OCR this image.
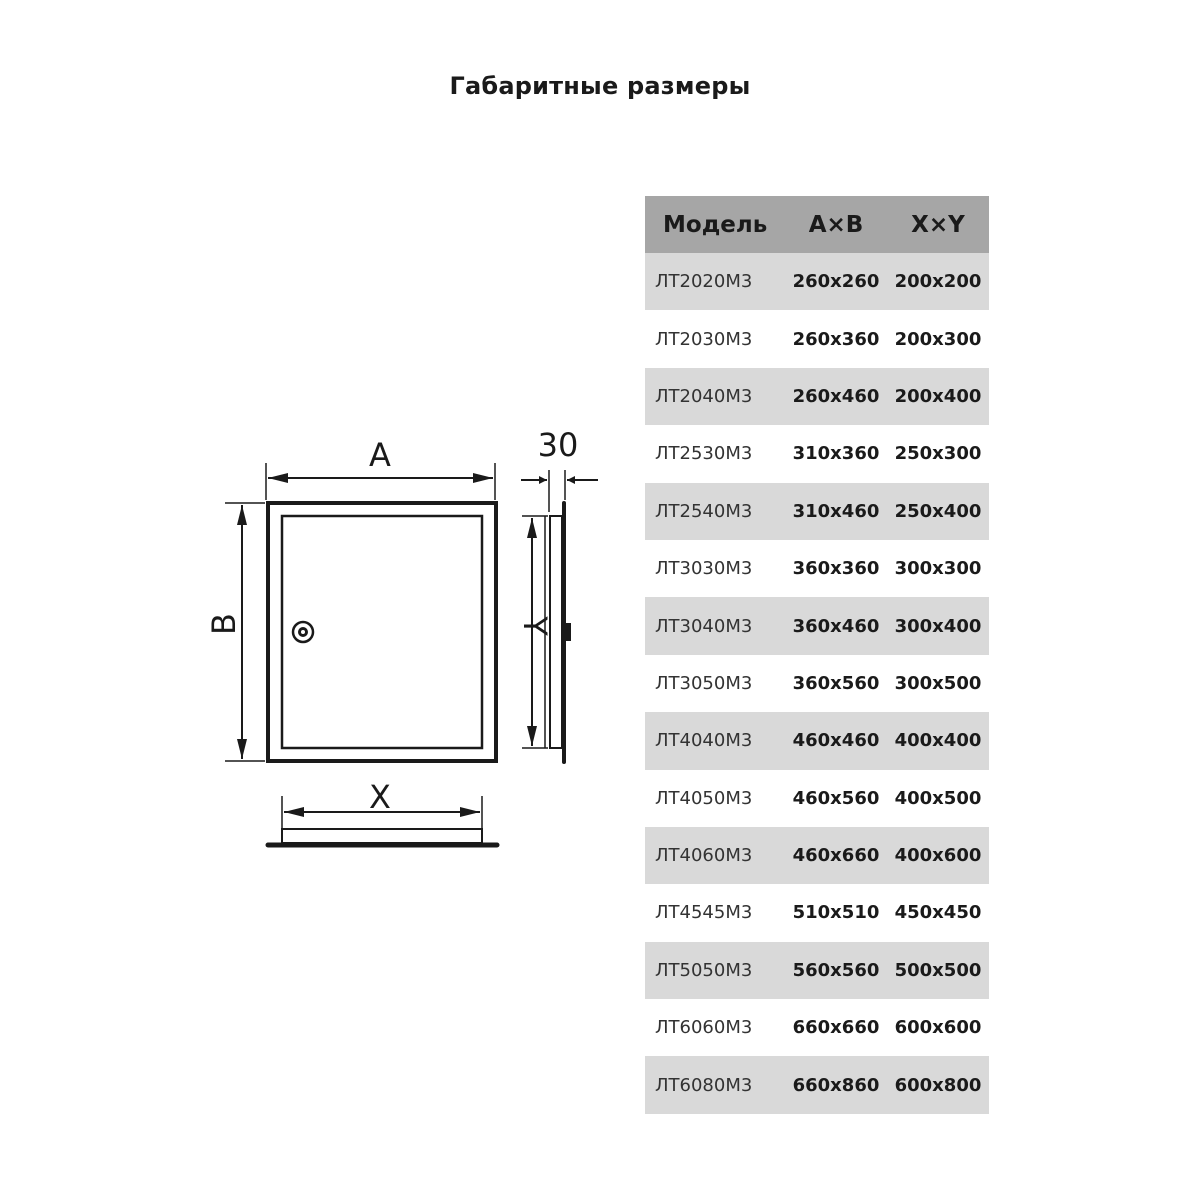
Габаритные размеры
A
B
X
Y
30
Модель	A×B	X×Y
ЛТ2020М3	260x260	200x200
ЛТ2030М3	260x360	200x300
ЛТ2040М3	260x460	200x400
ЛТ2530М3	310x360	250x300
ЛТ2540М3	310x460	250x400
ЛТ3030М3	360x360	300x300
ЛТ3040М3	360x460	300x400
ЛТ3050М3	360x560	300x500
ЛТ4040М3	460x460	400x400
ЛТ4050М3	460x560	400x500
ЛТ4060М3	460x660	400x600
ЛТ4545М3	510x510	450x450
ЛТ5050М3	560x560	500x500
ЛТ6060М3	660x660	600x600
ЛТ6080М3	660x860	600x800
